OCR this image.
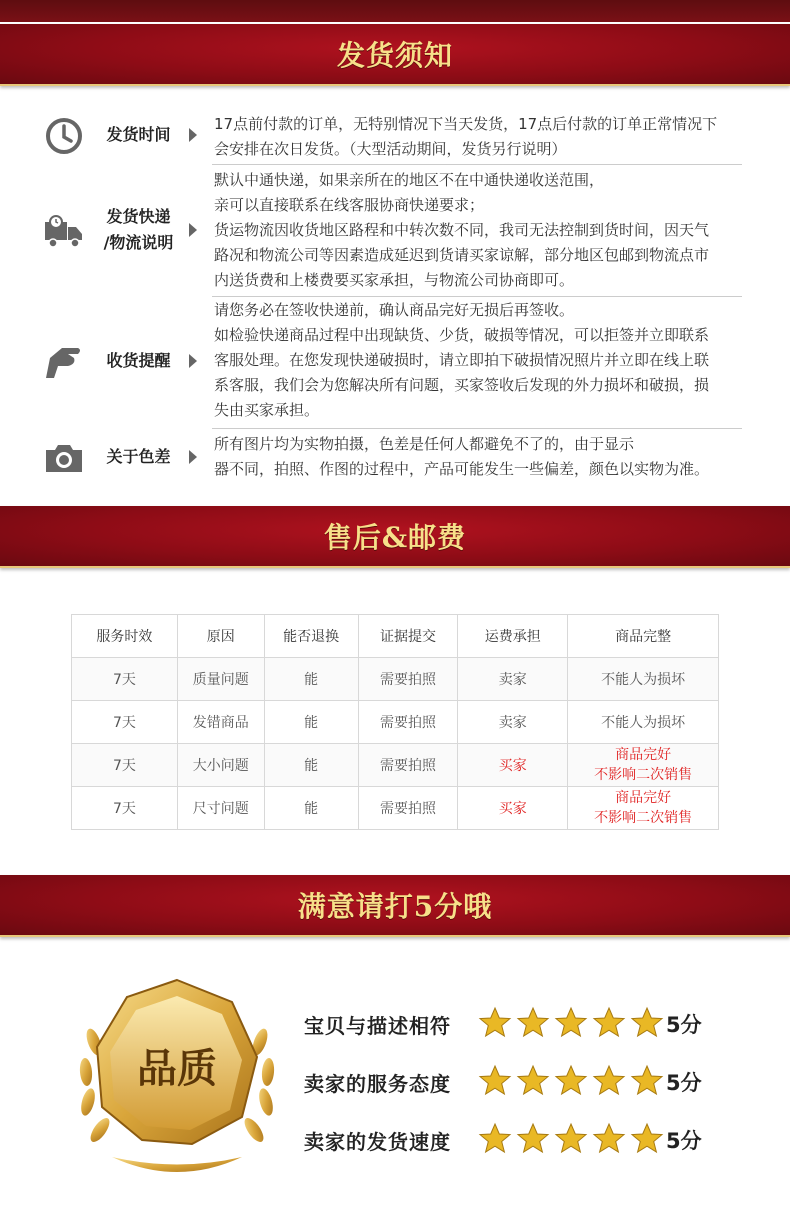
发货须知
发货时间

17点前付款的订单，无特别情况下当天发货，17点后付款的订单正常情况下

会安排在次日发货。（大型活动期间，发货另行说明）

发货快递
/物流说明

默认中通快递，如果亲所在的地区不在中通快递收送范围，

亲可以直接联系在线客服协商快递要求；

货运物流因收货地区路程和中转次数不同，我司无法控制到货时间，因天气

路况和物流公司等因素造成延迟到货请买家谅解，部分地区包邮到物流点市

内送货费和上楼费要买家承担，与物流公司协商即可。

收货提醒

请您务必在签收快递前，确认商品完好无损后再签收。

如检验快递商品过程中出现缺货、少货，破损等情况，可以拒签并立即联系

客服处理。在您发现快递破损时，请立即拍下破损情况照片并立即在线上联

系客服，我们会为您解决所有问题，买家签收后发现的外力损坏和破损，损

失由买家承担。

关于色差

所有图片均为实物拍摄，色差是任何人都避免不了的，由于显示

器不同，拍照、作图的过程中，产品可能发生一些偏差，颜色以实物为准。

售后&邮费
服务时效	原因	能否退换	证据提交	运费承担	商品完整
7天	质量问题	能	需要拍照	卖家	不能人为损坏
7天	发错商品	能	需要拍照	卖家	不能人为损坏
7天	大小问题	能	需要拍照	买家	商品完好
不影响二次销售

7天	尺寸问题	能	需要拍照	买家	商品完好
不影响二次销售
满意请打5分哦
品质
宝贝与描述相符	5分
卖家的服务态度	5分
卖家的发货速度	5分
